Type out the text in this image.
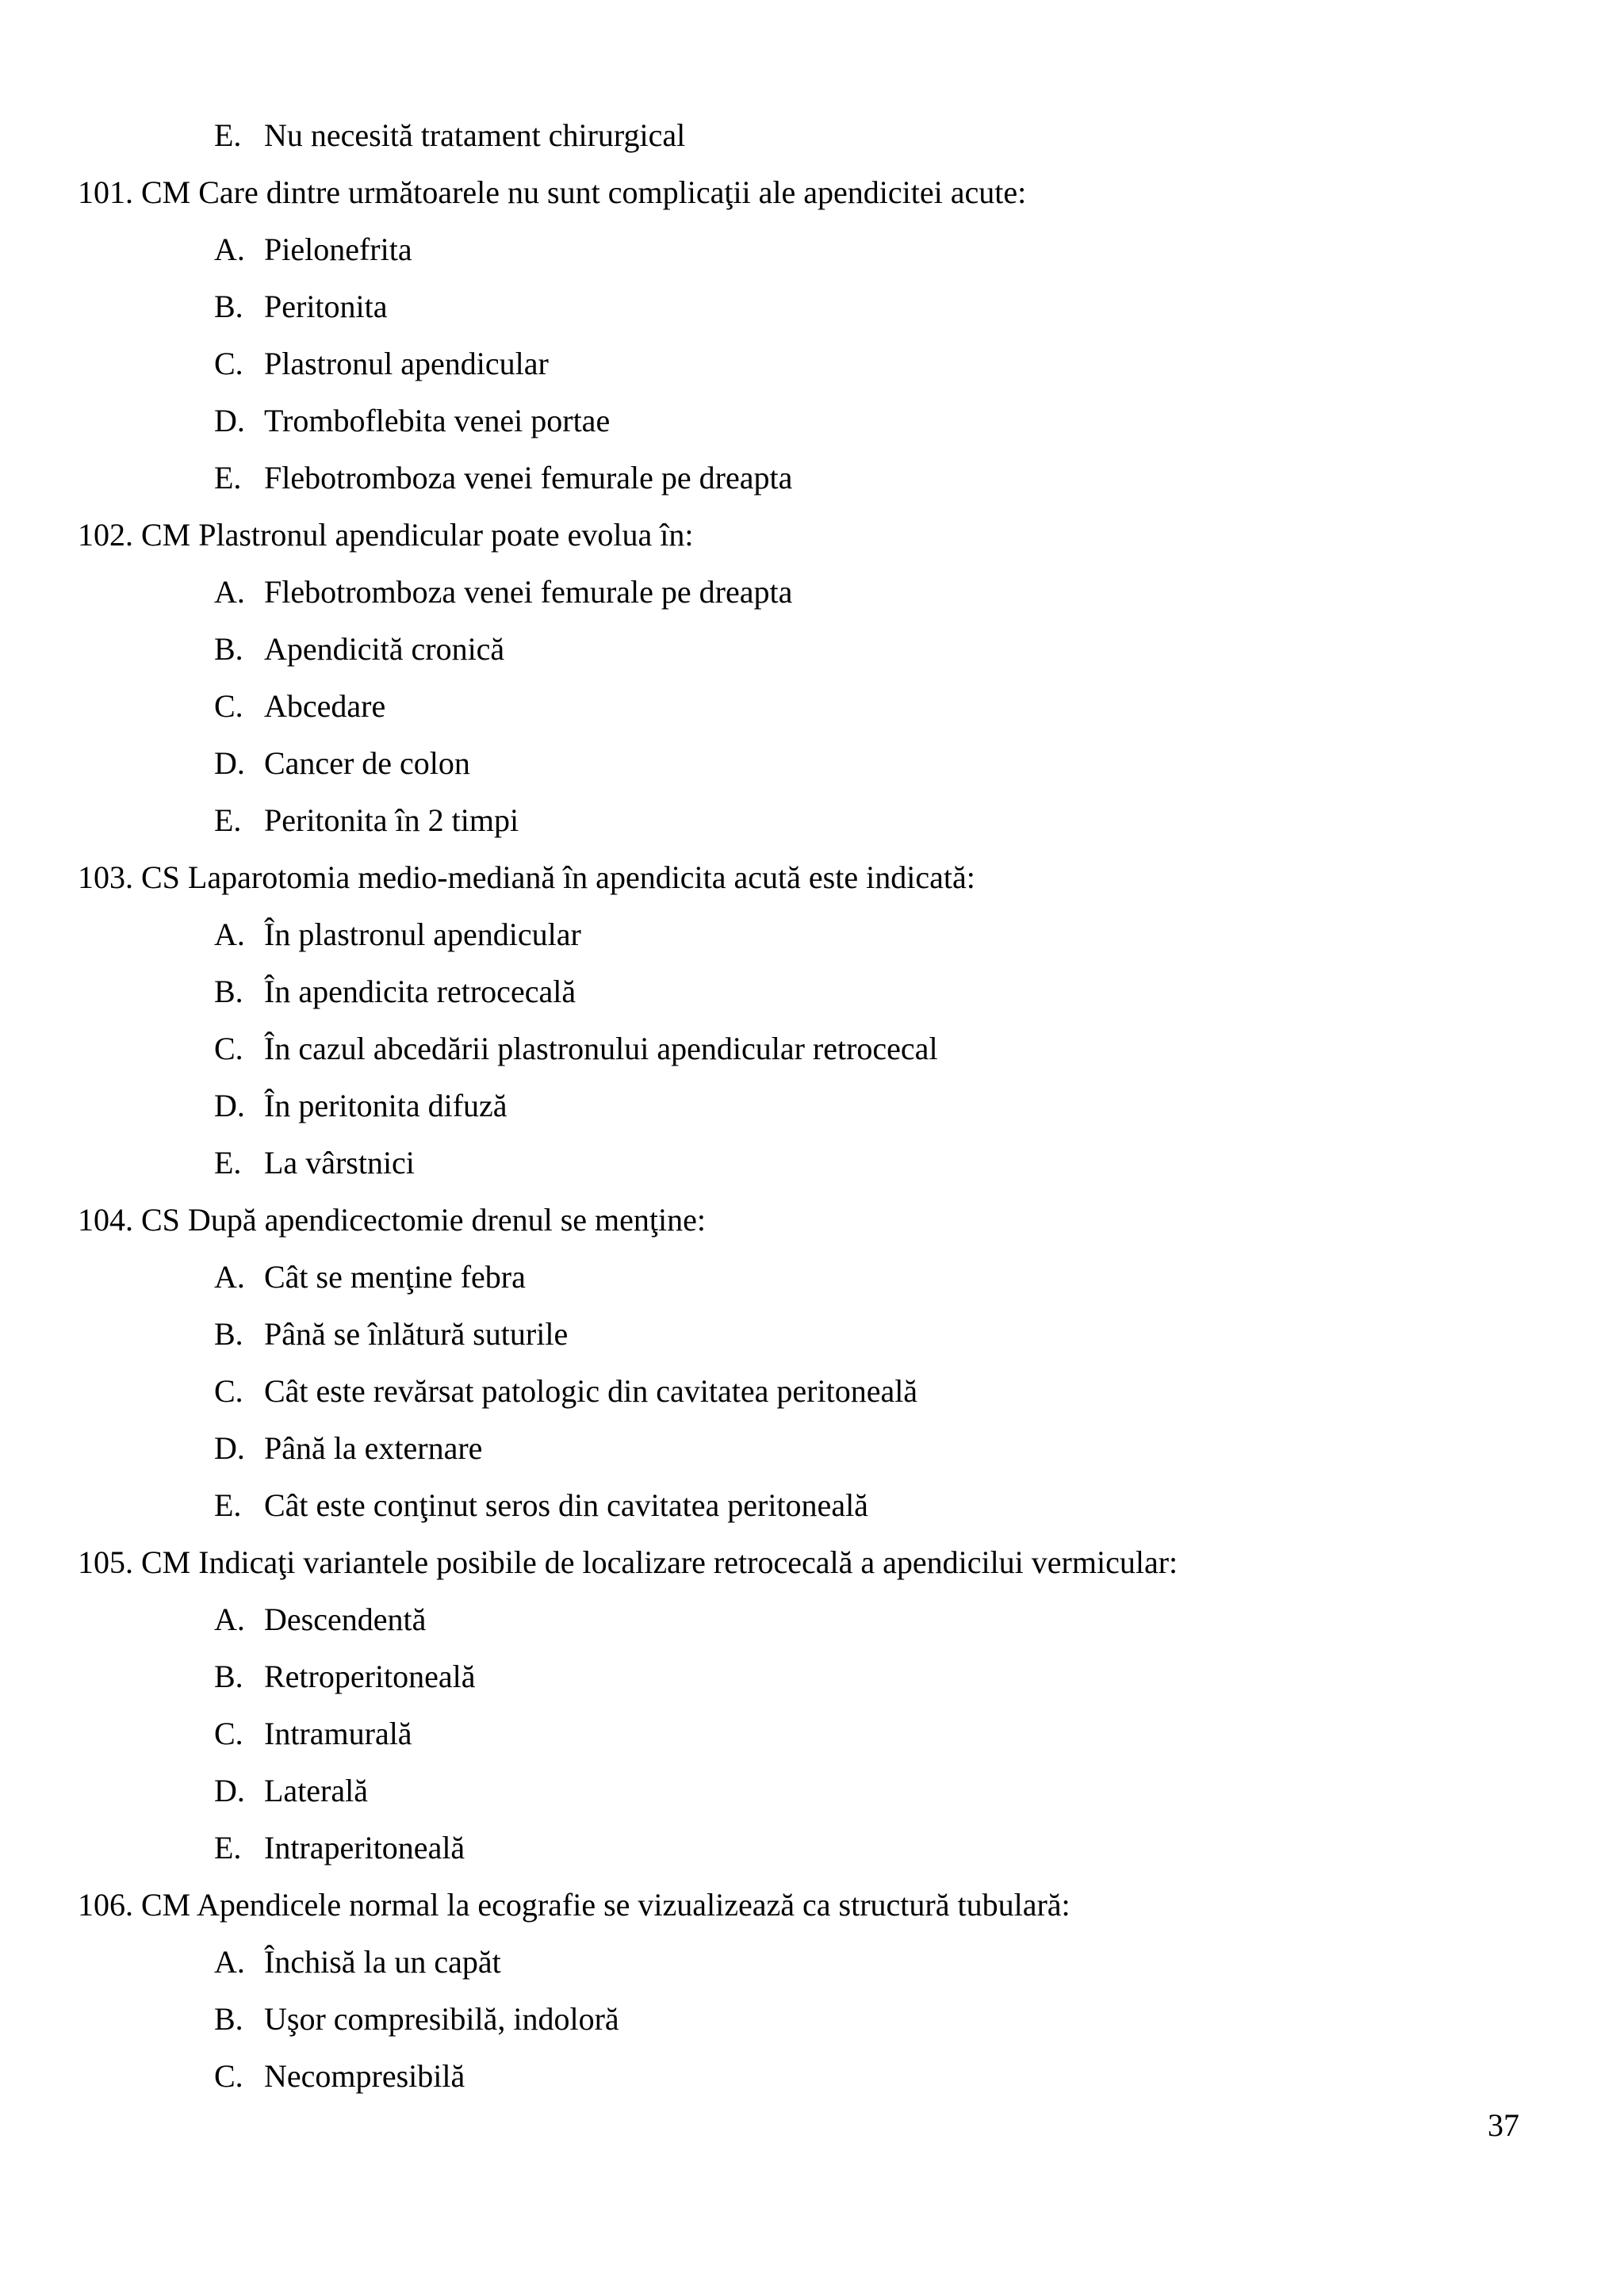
E. Nu necesită tratament chirurgical
101. CM Care dintre următoarele nu sunt complicaţii ale apendicitei acute:
A. Pielonefrita
B. Peritonita
C. Plastronul apendicular
D. Tromboflebita venei portae
E. Flebotromboza venei femurale pe dreapta
102. CM Plastronul apendicular poate evolua în:
A. Flebotromboza venei femurale pe dreapta
B. Apendicită cronică
C. Abcedare
D. Cancer de colon
E. Peritonita în 2 timpi
103. CS Laparotomia medio-mediană în apendicita acută este indicată:
A. În plastronul apendicular
B. În apendicita retrocecală
C. În cazul abcedării plastronului apendicular retrocecal
D. În peritonita difuză
E. La vârstnici
104. CS După apendicectomie drenul se menţine:
A. Cât se menţine febra
B. Până se înlătură suturile
C. Cât este revărsat patologic din cavitatea peritoneală
D. Până la externare
E. Cât este conţinut seros din cavitatea peritoneală
105. CM Indicaţi variantele posibile de localizare retrocecală a apendicilui vermicular:
A. Descendentă
B. Retroperitoneală
C. Intramurală
D. Laterală
E. Intraperitoneală
106. CM Apendicele normal la ecografie se vizualizează ca structură tubulară:
A. Închisă la un capăt
B. Uşor compresibilă, indoloră
C. Necompresibilă
37
